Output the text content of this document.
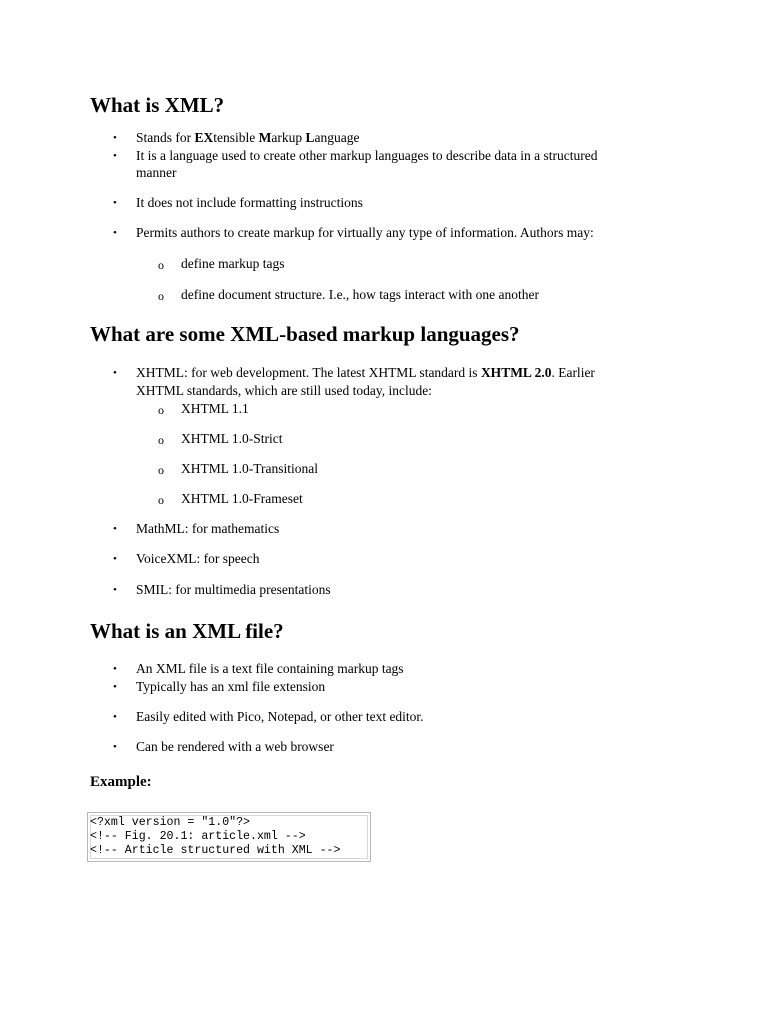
What is XML?
• Stands for EXtensible Markup Language
• It is a language used to create other markup languages to describe data in a structured
manner
• It does not include formatting instructions
• Permits authors to create markup for virtually any type of information. Authors may:
o define markup tags
o define document structure. I.e., how tags interact with one another
What are some XML-based markup languages?
• XHTML: for web development. The latest XHTML standard is XHTML 2.0. Earlier
XHTML standards, which are still used today, include:
o XHTML 1.1
o XHTML 1.0-Strict
o XHTML 1.0-Transitional
o XHTML 1.0-Frameset
• MathML: for mathematics
• VoiceXML: for speech
• SMIL: for multimedia presentations
What is an XML file?
• An XML file is a text file containing markup tags
• Typically has an xml file extension
• Easily edited with Pico, Notepad, or other text editor.
• Can be rendered with a web browser
Example:
<?xml version = "1.0"?>
<!-- Fig. 20.1: article.xml -->
<!-- Article structured with XML -->
